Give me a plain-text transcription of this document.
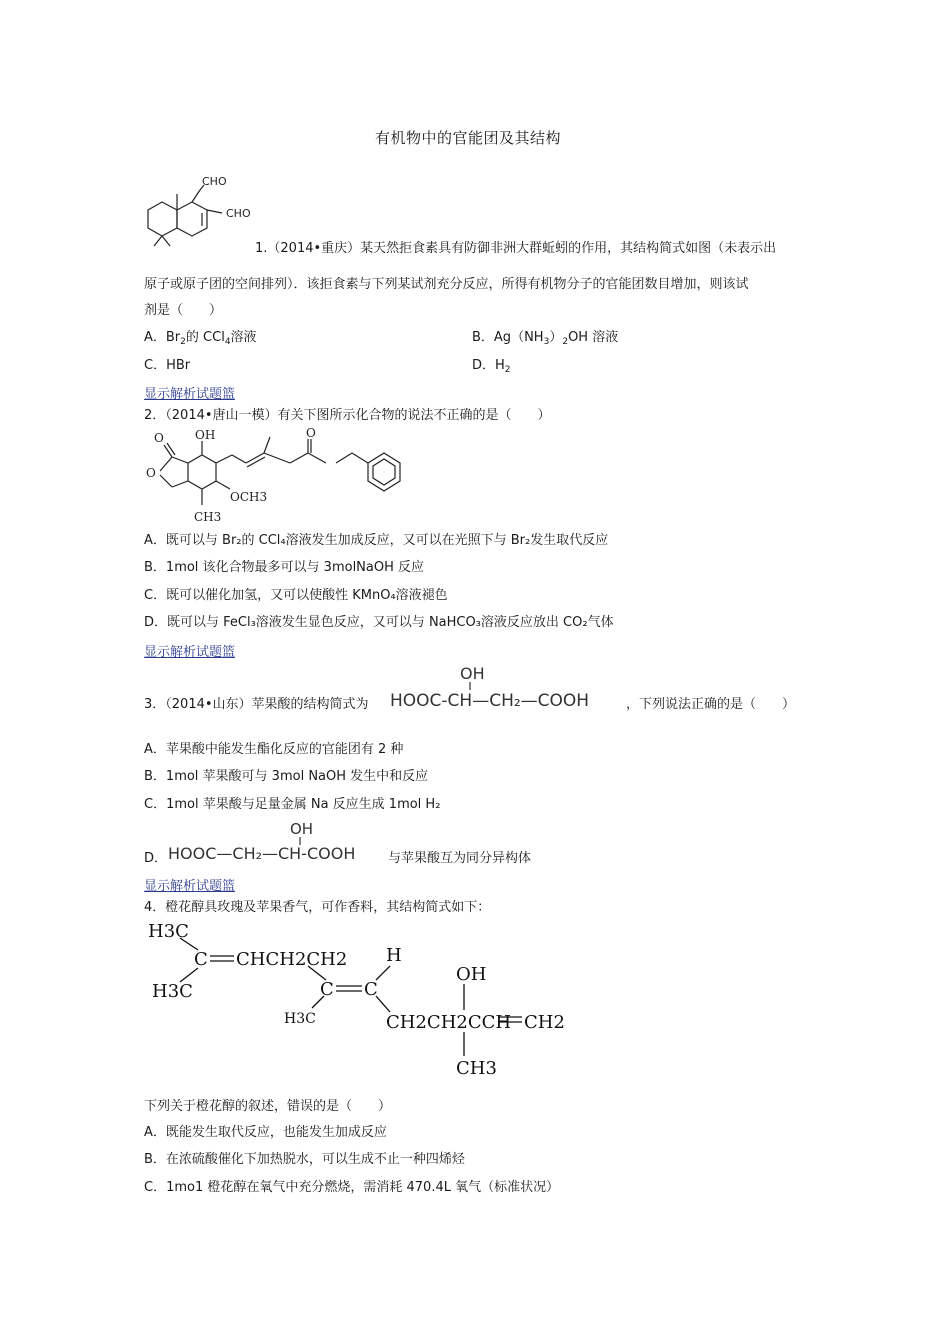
有机物中的官能团及其结构
CHO
CHO
1.（2014•重庆）某天然拒食素具有防御非洲大群蚯蚓的作用，其结构简式如图（未表示出
原子或原子团的空间排列）．该拒食素与下列某试剂充分反应，所得有机物分子的官能团数目增加，则该试
剂是（　　）
A．$Br_2$的 CCl$_4$溶液	B．$Ag(NH_3)_2OH$ 溶液
C．HBr	D．$H_2$
显示解析试题篮
2．（2014•唐山一模）有关下图所示化合物的说法不正确的是（　　）
OH
O
O
O
OCH3
CH3
A．既可以与 Br₂的 CCl₄溶液发生加成反应，又可以在光照下与 Br₂发生取代反应
B．1mol 该化合物最多可以与 3molNaOH 反应
C．既可以催化加氢，又可以使酸性 KMnO₄溶液褪色
D．既可以与 FeCl₃溶液发生显色反应，又可以与 NaHCO₃溶液反应放出 CO₂气体
显示解析试题篮
3．（2014•山东）苹果酸的结构简式为
OH
HOOC-CH—CH₂—COOH	，下列说法正确的是（　　）
A．苹果酸中能发生酯化反应的官能团有 2 种
B．1mol 苹果酸可与 3mol NaOH 发生中和反应
C．1mol 苹果酸与足量金属 Na 反应生成 1mol H₂
D．
OH
HOOC—CH₂—CH-COOH	与苹果酸互为同分异构体
显示解析试题篮
4．橙花醇具玫瑰及苹果香气，可作香料，其结构简式如下：
H3C
C CHCH2CH2
H3C	C C
H
OH
CH2CH2CCH CH2
CH3
H3C
下列关于橙花醇的叙述，错误的是（　　）
A．既能发生取代反应，也能发生加成反应
B．在浓硫酸催化下加热脱水，可以生成不止一种四烯烃
C．1mo1 橙花醇在氧气中充分燃烧，需消耗 470.4L 氧气（标准状况）
